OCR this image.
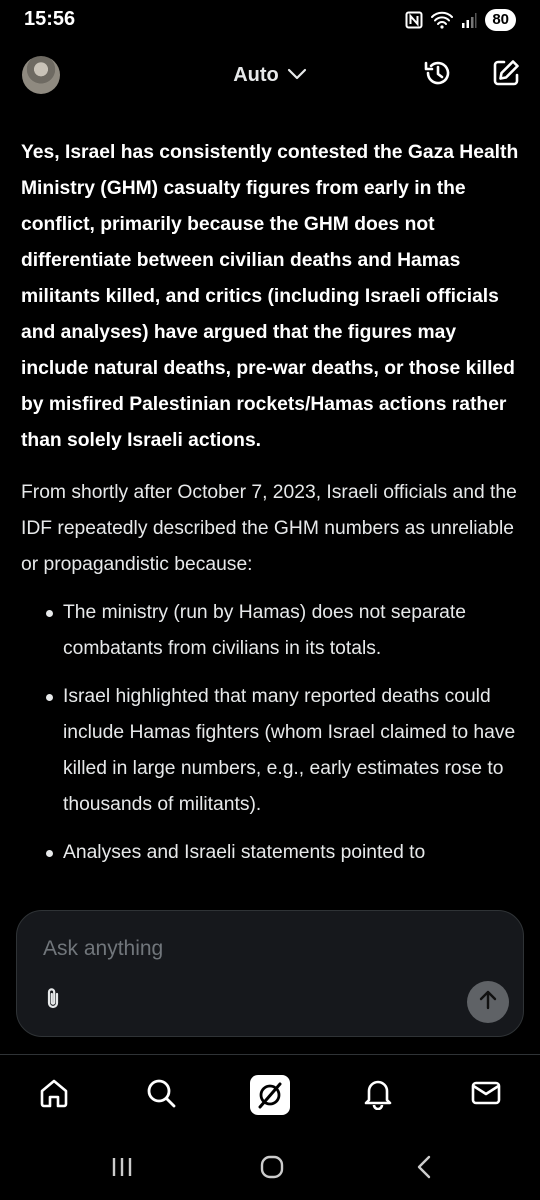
15:56	80
Auto

Yes, Israel has consistently contested the Gaza Health Ministry (GHM) casualty figures from early in the conflict, primarily because the GHM does not differentiate between civilian deaths and Hamas militants killed, and critics (including Israeli officials and analyses) have argued that the figures may include natural deaths, pre-war deaths, or those killed by misfired Palestinian rockets/Hamas actions rather than solely Israeli actions.

From shortly after October 7, 2023, Israeli officials and the IDF repeatedly described the GHM numbers as unreliable or propagandistic because:

The ministry (run by Hamas) does not separate combatants from civilians in its totals.
Israel highlighted that many reported deaths could include Hamas fighters (whom Israel claimed to have killed in large numbers, e.g., early estimates rose to thousands of militants).
Analyses and Israeli statements pointed to
Ask anything
